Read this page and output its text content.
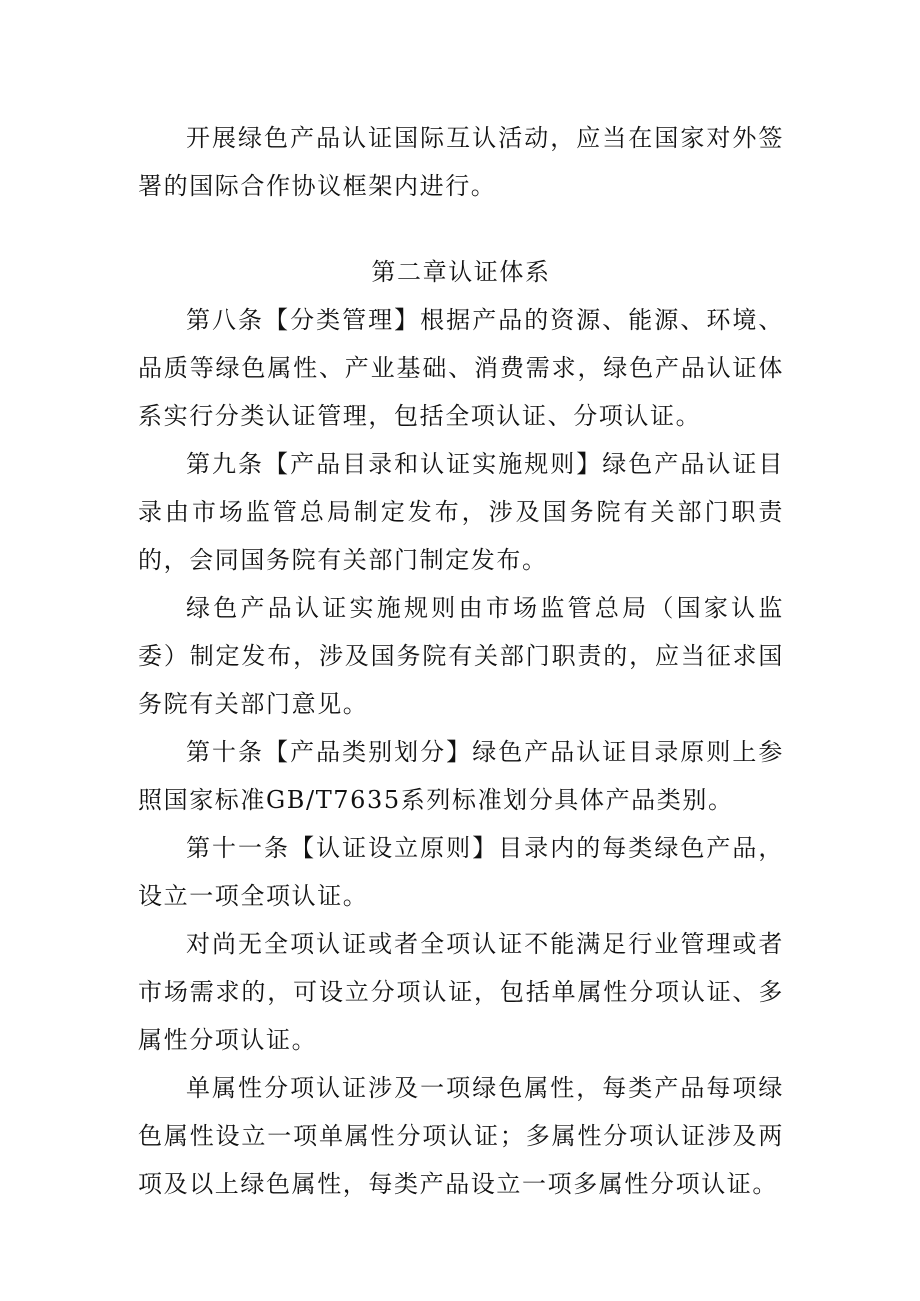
开展绿色产品认证国际互认活动，应当在国家对外签署的国际合作协议框架内进行。

第二章认证体系

第八条【分类管理】根据产品的资源、能源、环境、品质等绿色属性、产业基础、消费需求，绿色产品认证体系实行分类认证管理，包括全项认证、分项认证。

第九条【产品目录和认证实施规则】绿色产品认证目录由市场监管总局制定发布，涉及国务院有关部门职责的，会同国务院有关部门制定发布。

绿色产品认证实施规则由市场监管总局（国家认监委）制定发布，涉及国务院有关部门职责的，应当征求国务院有关部门意见。

第十条【产品类别划分】绿色产品认证目录原则上参照国家标准GB/T7635系列标准划分具体产品类别。

第十一条【认证设立原则】目录内的每类绿色产品，设立一项全项认证。

对尚无全项认证或者全项认证不能满足行业管理或者市场需求的，可设立分项认证，包括单属性分项认证、多属性分项认证。

单属性分项认证涉及一项绿色属性，每类产品每项绿色属性设立一项单属性分项认证；多属性分项认证涉及两项及以上绿色属性，每类产品设立一项多属性分项认证。
